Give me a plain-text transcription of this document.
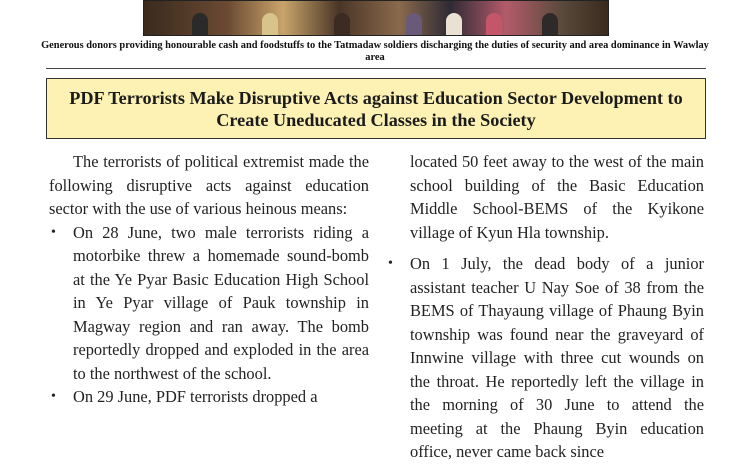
Generous donors providing honourable cash and foodstuffs to the Tatmadaw soldiers discharging the duties of security and area dominance in Wawlay area
PDF Terrorists Make Disruptive Acts against Education Sector Development to Create Uneducated Classes in the Society

The terrorists of political extremist made the following disruptive acts against education sector with the use of various heinous means:

• On 28 June, two male terrorists riding a motorbike threw a homemade sound-bomb at the Ye Pyar Basic Education High School in Ye Pyar village of Pauk township in Magway region and ran away. The bomb reportedly dropped and exploded in the area to the northwest of the school.
• On 29 June, PDF terrorists dropped a

located 50 feet away to the west of the main school building of the Basic Education Middle School-BEMS of the Kyikone village of Kyun Hla township.

• On 1 July, the dead body of a junior assistant teacher U Nay Soe of 38 from the BEMS of Thayaung village of Phaung Byin township was found near the graveyard of Innwine village with three cut wounds on the throat. He reportedly left the village in the morning of 30 June to attend the meeting at the Phaung Byin education office, never came back since
